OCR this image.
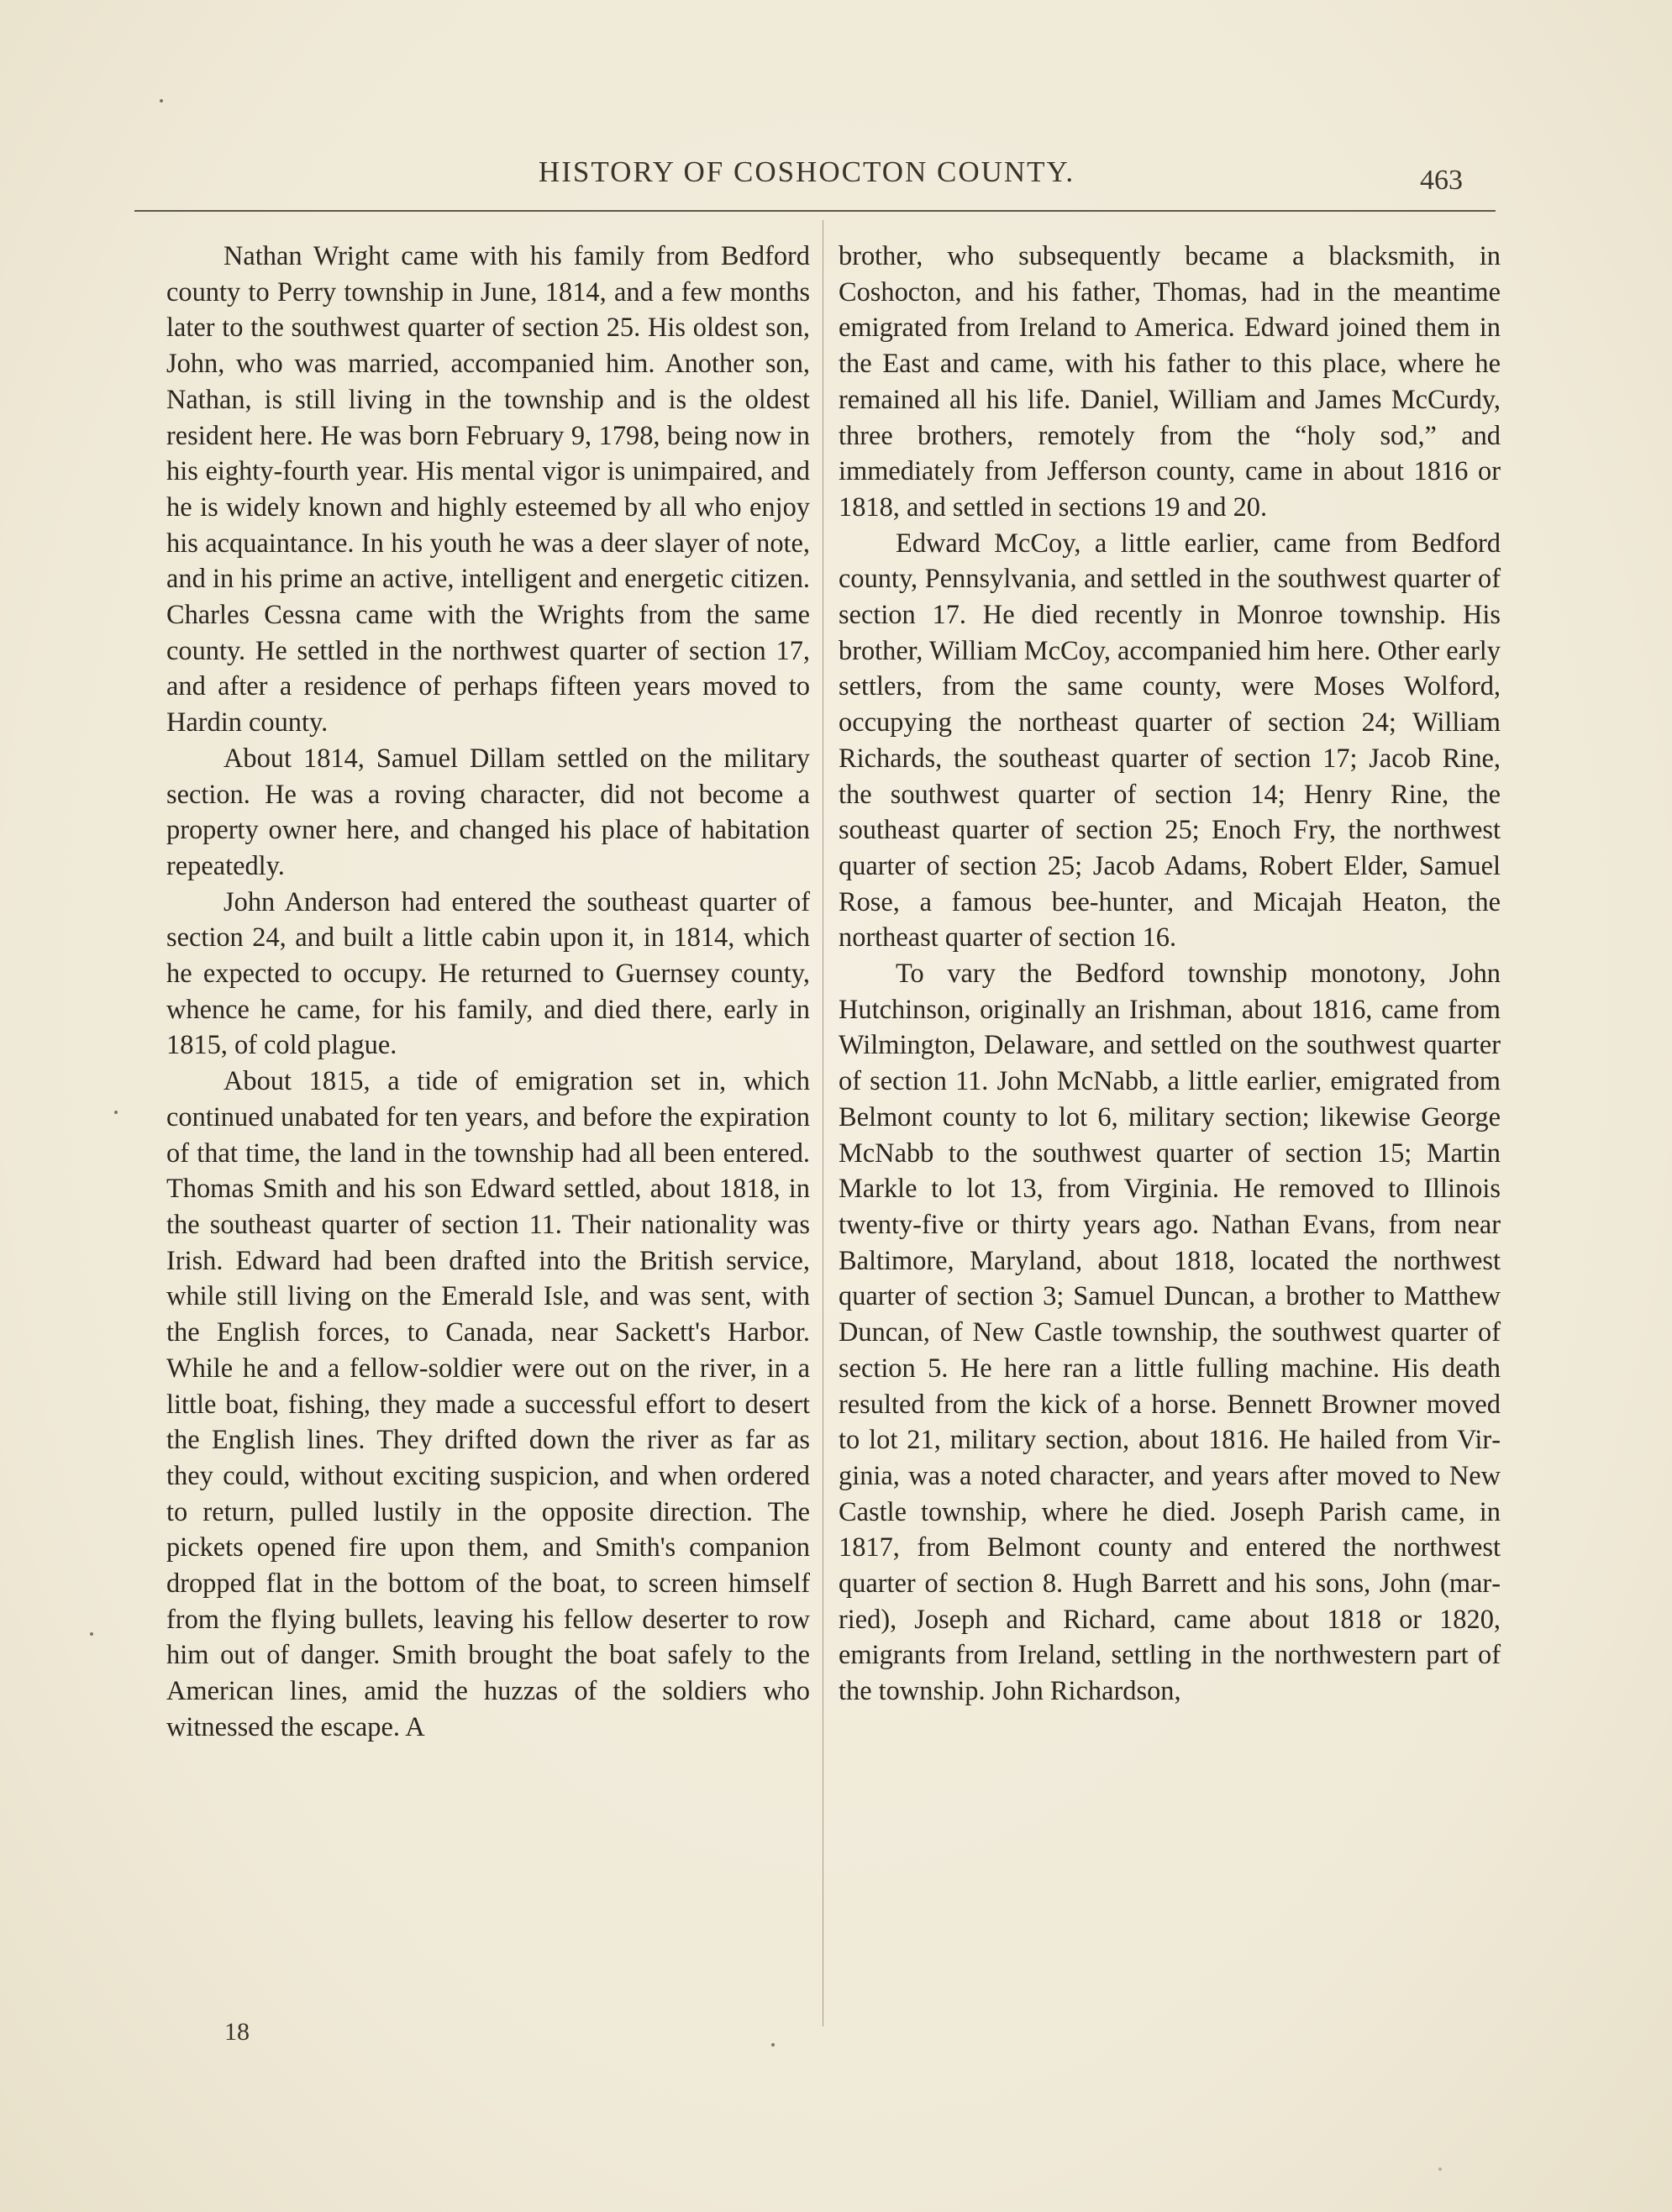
HISTORY OF COSHOCTON COUNTY.	463

Nathan Wright came with his family from Bedford county to Perry township in June, 1814, and a few months later to the southwest quarter of section 25. His oldest son, John, who was married, accompanied him. Another son, Nathan, is still living in the township and is the oldest resident here. He was born February 9, 1798, being now in his eighty-fourth year. His mental vigor is unimpaired, and he is widely known and highly esteemed by all who enjoy his acquaintance. In his youth he was a deer slayer of note, and in his prime an active, intelligent and energetic citizen. Charles Cessna came with the Wrights from the same county. He settled in the northwest quarter of section 17, and after a residence of perhaps fifteen years moved to Hardin county.

About 1814, Samuel Dillam settled on the military section. He was a roving character, did not become a property owner here, and changed his place of habitation repeatedly.

John Anderson had entered the southeast quarter of section 24, and built a little cabin upon it, in 1814, which he expected to occupy. He returned to Guernsey county, whence he came, for his family, and died there, early in 1815, of cold plague.

About 1815, a tide of emigration set in, which continued unabated for ten years, and before the expiration of that time, the land in the township had all been entered. Thomas Smith and his son Edward settled, about 1818, in the southeast quarter of section 11. Their nationality was Irish. Edward had been drafted into the British service, while still living on the Emerald Isle, and was sent, with the English forces, to Canada, near Sackett's Harbor. While he and a fellow-soldier were out on the river, in a little boat, fishing, they made a successful effort to desert the English lines. They drifted down the river as far as they could, without exciting suspicion, and when ordered to return, pulled lustily in the opposite direction. The pickets opened fire upon them, and Smith's companion dropped flat in the bottom of the boat, to screen himself from the flying bullets, leaving his fellow deserter to row him out of danger. Smith brought the boat safely to the American lines, amid the huzzas of the soldiers who witnessed the escape. A

brother, who subsequently became a blacksmith, in Coshocton, and his father, Thomas, had in the meantime emigrated from Ireland to America. Edward joined them in the East and came, with his father to this place, where he remained all his life. Daniel, William and James McCurdy, three brothers, remotely from the “holy sod,” and immediately from Jefferson county, came in about 1816 or 1818, and settled in sections 19 and 20.

Edward McCoy, a little earlier, came from Bedford county, Pennsylvania, and settled in the southwest quarter of section 17. He died recently in Monroe township. His brother, William McCoy, accompanied him here. Other early settlers, from the same county, were Moses Wolford, occupying the northeast quarter of section 24; William Richards, the southeast quarter of section 17; Jacob Rine, the southwest quarter of section 14; Henry Rine, the southeast quarter of section 25; Enoch Fry, the northwest quarter of section 25; Jacob Adams, Robert Elder, Samuel Rose, a famous bee-hunter, and Micajah Heaton, the northeast quarter of section 16.

To vary the Bedford township monotony, John Hutchinson, originally an Irishman, about 1816, came from Wilmington, Delaware, and settled on the southwest quarter of section 11. John McNabb, a little earlier, emigrated from Belmont county to lot 6, military section; likewise George McNabb to the southwest quarter of section 15; Martin Markle to lot 13, from Virginia. He removed to Illinois twenty-five or thirty years ago. Nathan Evans, from near Baltimore, Maryland, about 1818, located the northwest quarter of section 3; Samuel Duncan, a brother to Matthew Duncan, of New Castle township, the southwest quarter of section 5. He here ran a little fulling machine. His death resulted from the kick of a horse. Bennett Browner moved to lot 21, military section, about 1816. He hailed from Virginia, was a noted character, and years after moved to New Castle township, where he died. Joseph Parish came, in 1817, from Belmont county and entered the northwest quarter of section 8. Hugh Barrett and his sons, John (married), Joseph and Richard, came about 1818 or 1820, emigrants from Ireland, settling in the northwestern part of the township. John Richardson,

18
